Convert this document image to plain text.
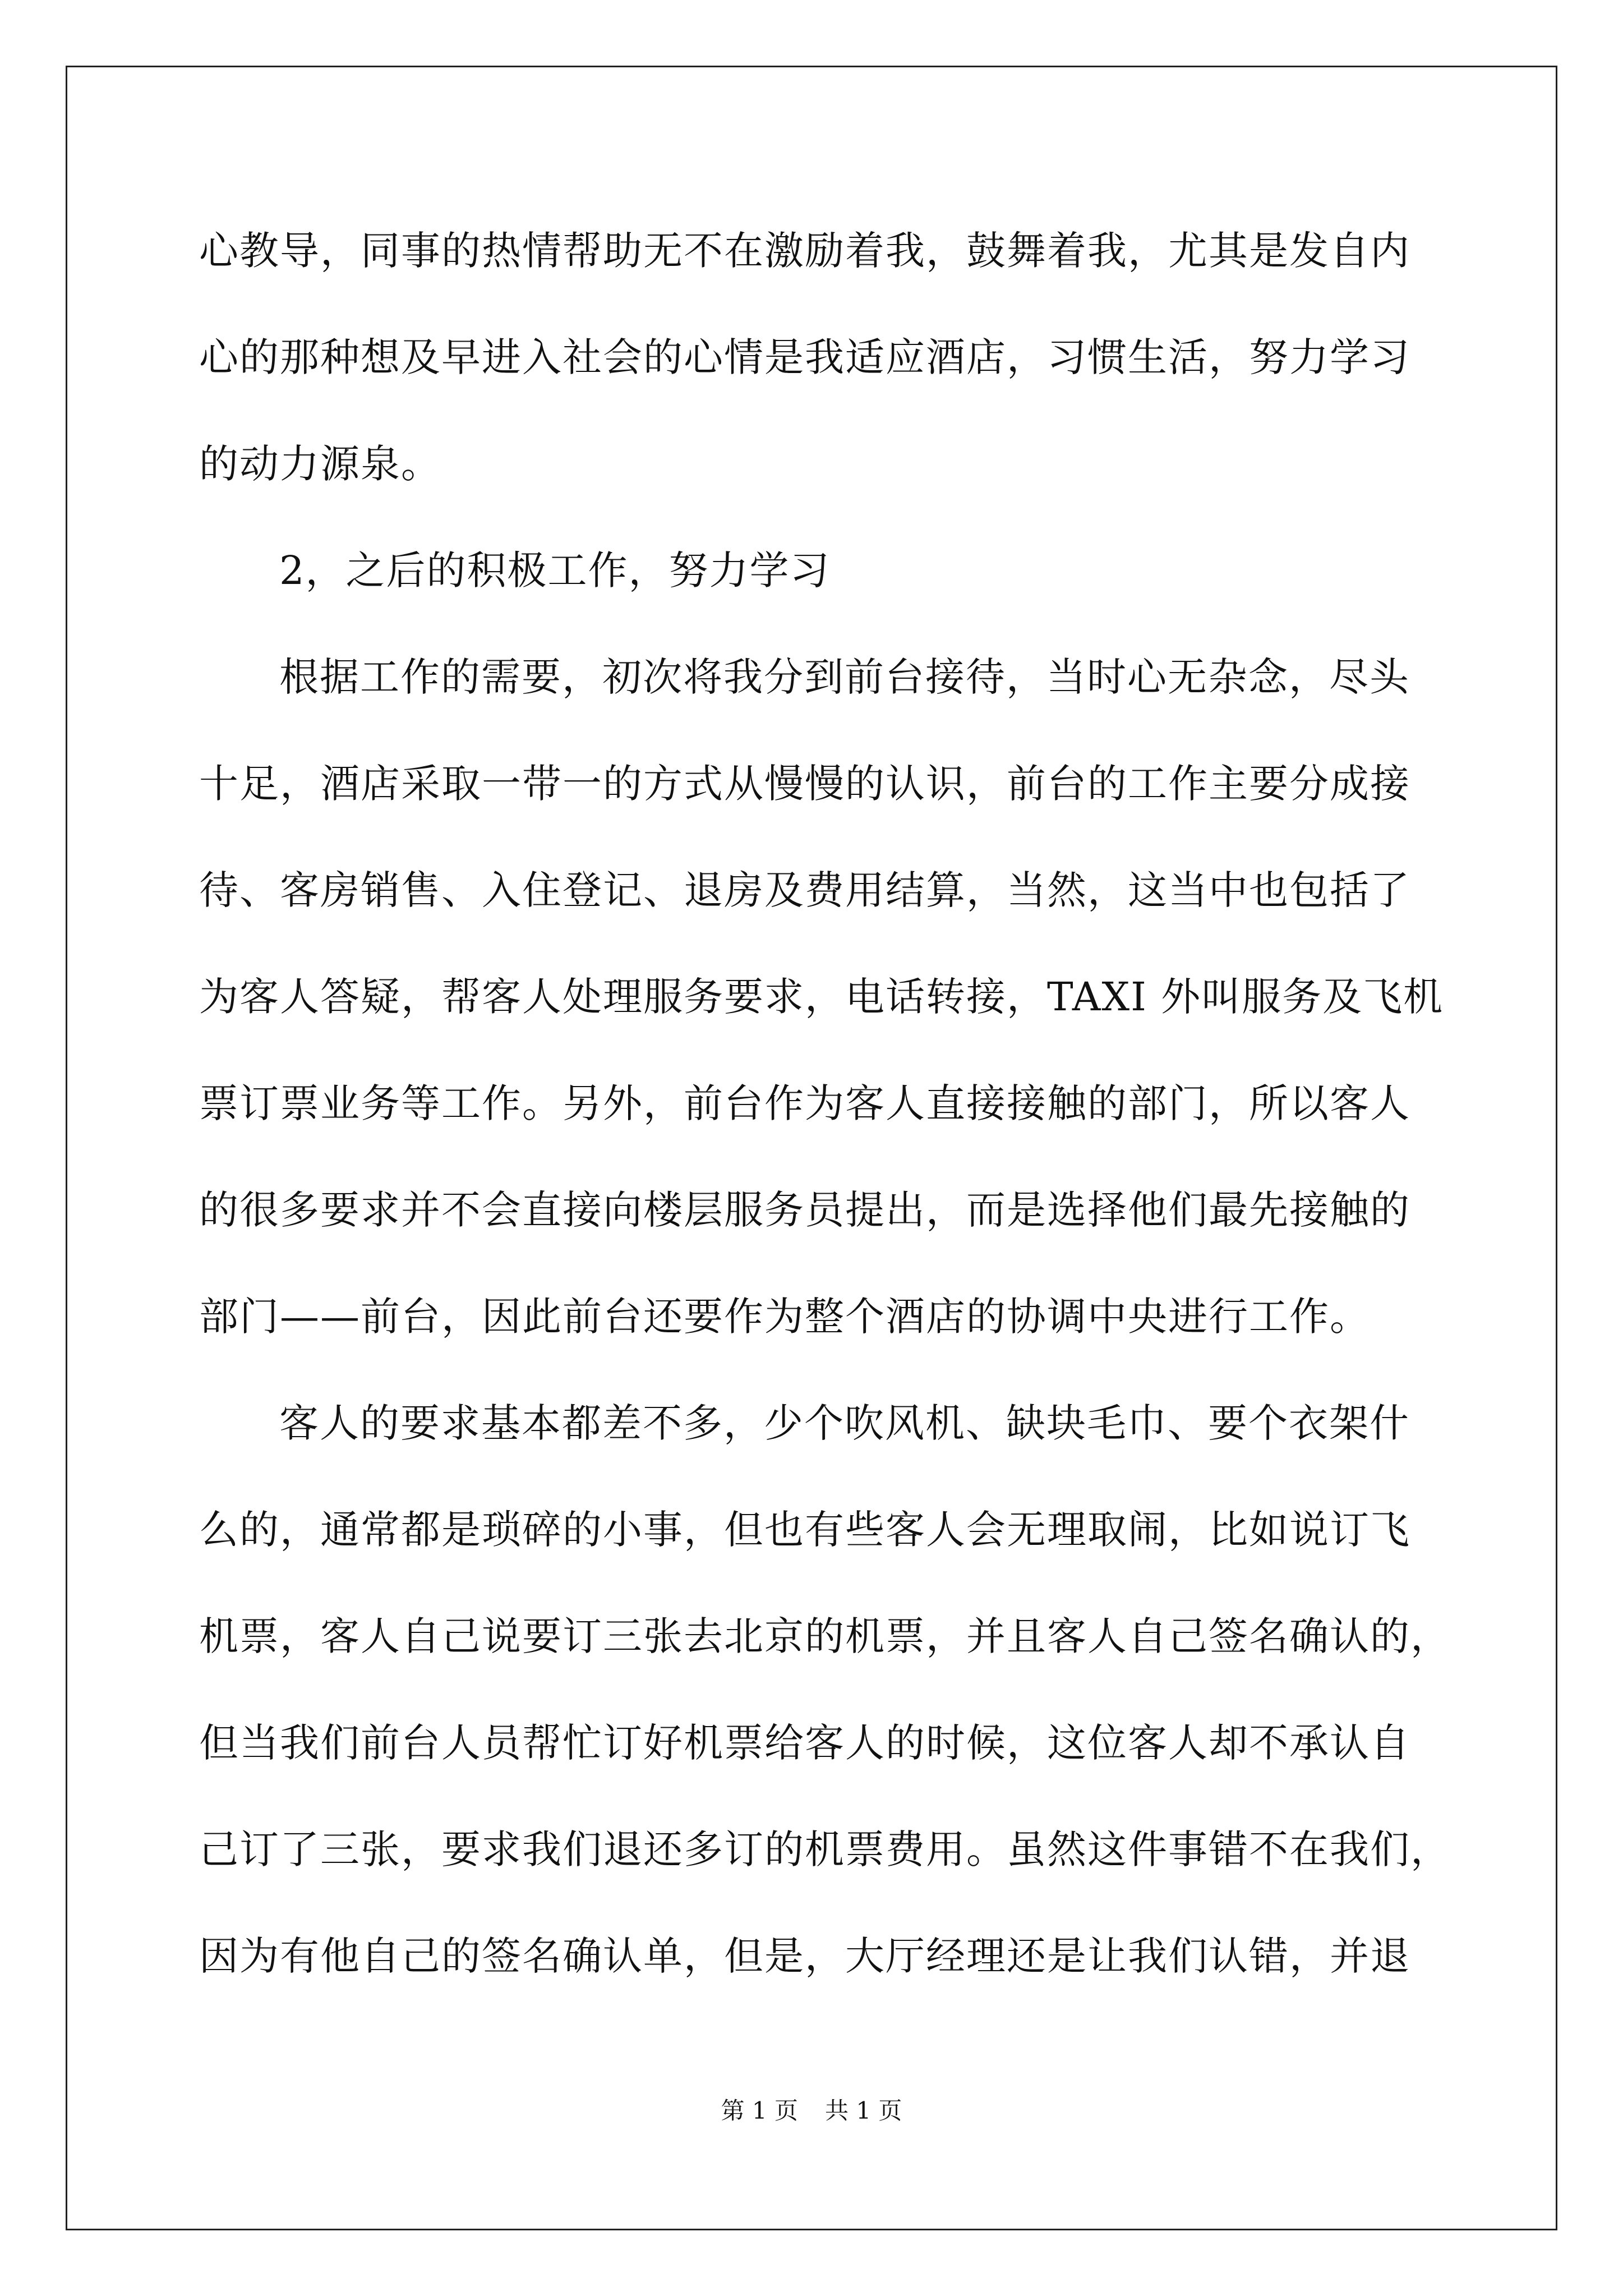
心教导，同事的热情帮助无不在激励着我，鼓舞着我，尤其是发自内
心的那种想及早进入社会的心情是我适应酒店，习惯生活，努力学习
的动力源泉。
2，之后的积极工作，努力学习
根据工作的需要，初次将我分到前台接待，当时心无杂念，尽头
十足，酒店采取一带一的方式从慢慢的认识，前台的工作主要分成接
待、客房销售、入住登记、退房及费用结算，当然，这当中也包括了
为客人答疑，帮客人处理服务要求，电话转接，TAXI 外叫服务及飞机
票订票业务等工作。另外，前台作为客人直接接触的部门，所以客人
的很多要求并不会直接向楼层服务员提出，而是选择他们最先接触的
部门——前台，因此前台还要作为整个酒店的协调中央进行工作。
客人的要求基本都差不多，少个吹风机、缺块毛巾、要个衣架什
么的，通常都是琐碎的小事，但也有些客人会无理取闹，比如说订飞
机票，客人自己说要订三张去北京的机票，并且客人自己签名确认的，
但当我们前台人员帮忙订好机票给客人的时候，这位客人却不承认自
己订了三张，要求我们退还多订的机票费用。虽然这件事错不在我们，
因为有他自己的签名确认单，但是，大厅经理还是让我们认错，并退
第 1 页 共 1 页
